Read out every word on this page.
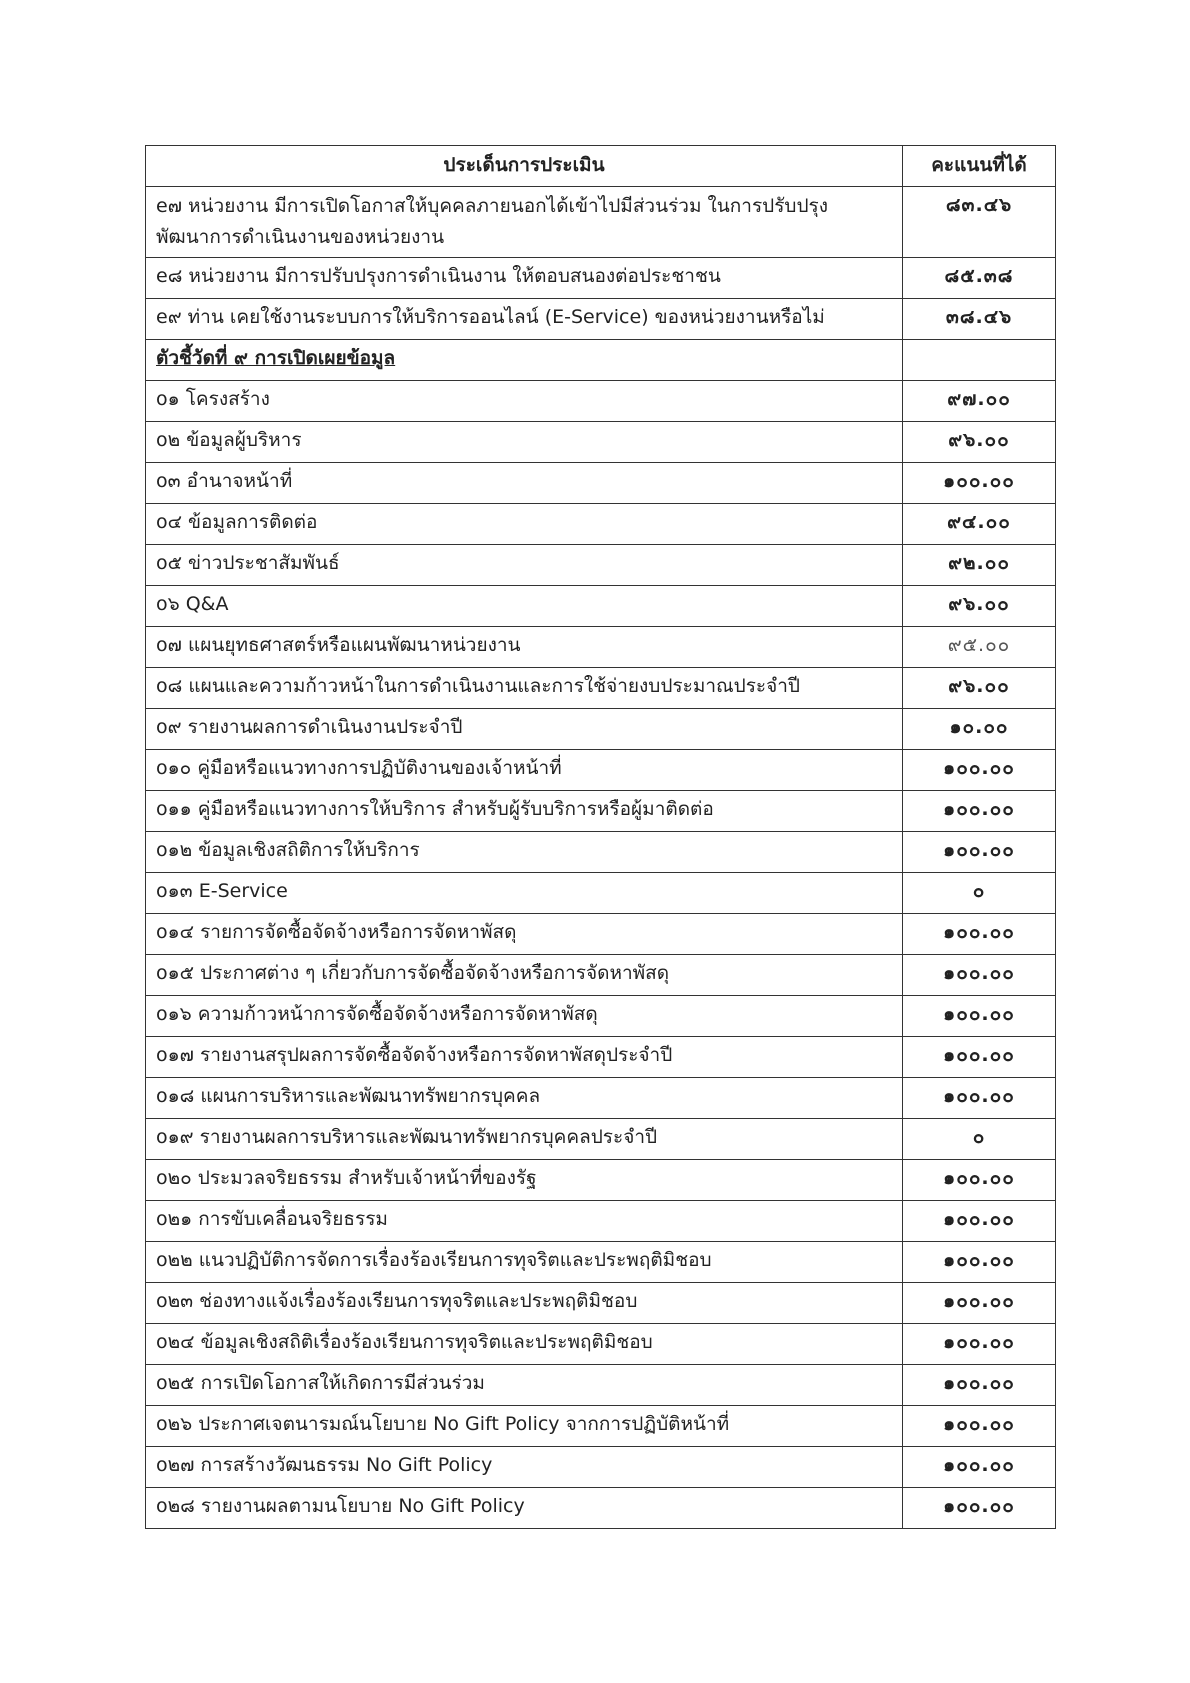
ประเด็นการประเมิน	คะแนนที่ได้
e๗ หน่วยงาน มีการเปิดโอกาสให้บุคคลภายนอกได้เข้าไปมีส่วนร่วม ในการปรับปรุงพัฒนาการดำเนินงานของหน่วยงาน	๘๓.๔๖
e๘ หน่วยงาน มีการปรับปรุงการดำเนินงาน ให้ตอบสนองต่อประชาชน	๘๕.๓๘
e๙ ท่าน เคยใช้งานระบบการให้บริการออนไลน์ (E-Service) ของหน่วยงานหรือไม่	๓๘.๔๖
ตัวชี้วัดที่ ๙ การเปิดเผยข้อมูล	
o๑ โครงสร้าง	๙๗.๐๐
o๒ ข้อมูลผู้บริหาร	๙๖.๐๐
o๓ อำนาจหน้าที่	๑๐๐.๐๐
o๔ ข้อมูลการติดต่อ	๙๔.๐๐
o๕ ข่าวประชาสัมพันธ์	๙๒.๐๐
o๖ Q&A	๙๖.๐๐
o๗ แผนยุทธศาสตร์หรือแผนพัฒนาหน่วยงาน	๙๕.๐๐
o๘ แผนและความก้าวหน้าในการดำเนินงานและการใช้จ่ายงบประมาณประจำปี	๙๖.๐๐
o๙ รายงานผลการดำเนินงานประจำปี	๑๐.๐๐
o๑๐ คู่มือหรือแนวทางการปฏิบัติงานของเจ้าหน้าที่	๑๐๐.๐๐
o๑๑ คู่มือหรือแนวทางการให้บริการ สำหรับผู้รับบริการหรือผู้มาติดต่อ	๑๐๐.๐๐
o๑๒ ข้อมูลเชิงสถิติการให้บริการ	๑๐๐.๐๐
o๑๓ E-Service	๐
o๑๔ รายการจัดซื้อจัดจ้างหรือการจัดหาพัสดุ	๑๐๐.๐๐
o๑๕ ประกาศต่าง ๆ เกี่ยวกับการจัดซื้อจัดจ้างหรือการจัดหาพัสดุ	๑๐๐.๐๐
o๑๖ ความก้าวหน้าการจัดซื้อจัดจ้างหรือการจัดหาพัสดุ	๑๐๐.๐๐
o๑๗ รายงานสรุปผลการจัดซื้อจัดจ้างหรือการจัดหาพัสดุประจำปี	๑๐๐.๐๐
o๑๘ แผนการบริหารและพัฒนาทรัพยากรบุคคล	๑๐๐.๐๐
o๑๙ รายงานผลการบริหารและพัฒนาทรัพยากรบุคคลประจำปี	๐
o๒๐ ประมวลจริยธรรม สำหรับเจ้าหน้าที่ของรัฐ	๑๐๐.๐๐
o๒๑ การขับเคลื่อนจริยธรรม	๑๐๐.๐๐
o๒๒ แนวปฏิบัติการจัดการเรื่องร้องเรียนการทุจริตและประพฤติมิชอบ	๑๐๐.๐๐
o๒๓ ช่องทางแจ้งเรื่องร้องเรียนการทุจริตและประพฤติมิชอบ	๑๐๐.๐๐
o๒๔ ข้อมูลเชิงสถิติเรื่องร้องเรียนการทุจริตและประพฤติมิชอบ	๑๐๐.๐๐
o๒๕ การเปิดโอกาสให้เกิดการมีส่วนร่วม	๑๐๐.๐๐
o๒๖ ประกาศเจตนารมณ์นโยบาย No Gift Policy จากการปฏิบัติหน้าที่	๑๐๐.๐๐
o๒๗ การสร้างวัฒนธรรม No Gift Policy	๑๐๐.๐๐
o๒๘ รายงานผลตามนโยบาย No Gift Policy	๑๐๐.๐๐
